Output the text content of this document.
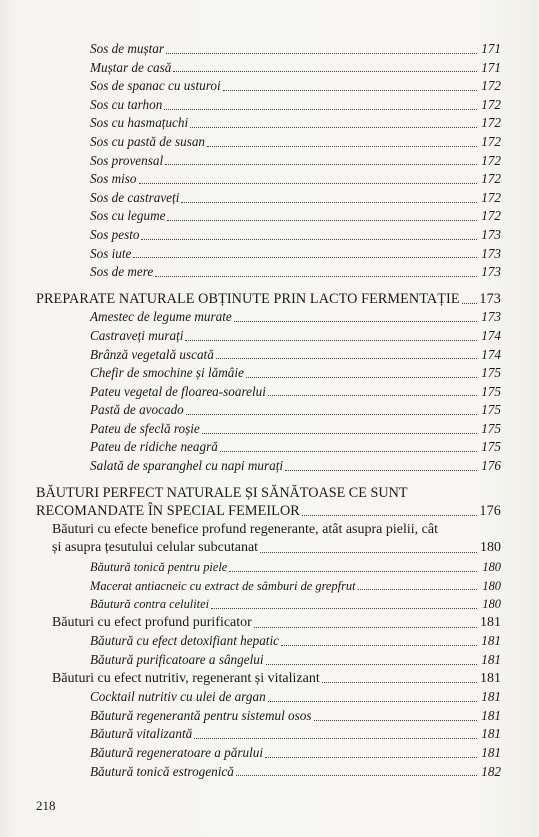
Sos de muștar	171
Muștar de casă	171
Sos de spanac cu usturoi	172
Sos cu tarhon	172
Sos cu hasmațuchi	172
Sos cu pastă de susan	172
Sos provensal	172
Sos miso	172
Sos de castraveți	172
Sos cu legume	172
Sos pesto	173
Sos iute	173
Sos de mere	173
PREPARATE NATURALE OBȚINUTE PRIN LACTO FERMENTAȚIE 173
Amestec de legume murate	173
Castraveți murați	174
Brânză vegetală uscată	174
Chefir de smochine și lămâie	175
Pateu vegetal de floarea-soarelui	175
Pastă de avocado	175
Pateu de sfeclă roșie	175
Pateu de ridiche neagră	175
Salată de sparanghel cu napi murați	176
BĂUTURI PERFECT NATURALE ȘI SĂNĂTOASE CE SUNT
RECOMANDATE ÎN SPECIAL FEMEILOR	176
Băuturi cu efecte benefice profund regenerante, atât asupra pielii, cât
și asupra țesutului celular subcutanat	180
Băutură tonică pentru piele	180
Macerat antiacneic cu extract de sâmburi de grepfrut	180
Băutură contra celulitei	180
Băuturi cu efect profund purificator	181
Băutură cu efect detoxifiant hepatic	181
Băutură purificatoare a sângelui	181
Băuturi cu efect nutritiv, regenerant și vitalizant	181
Cocktail nutritiv cu ulei de argan	181
Băutură regenerantă pentru sistemul osos	181
Băutură vitalizantă	181
Băutură regeneratoare a părului	181
Băutură tonică estrogenică	182
218
